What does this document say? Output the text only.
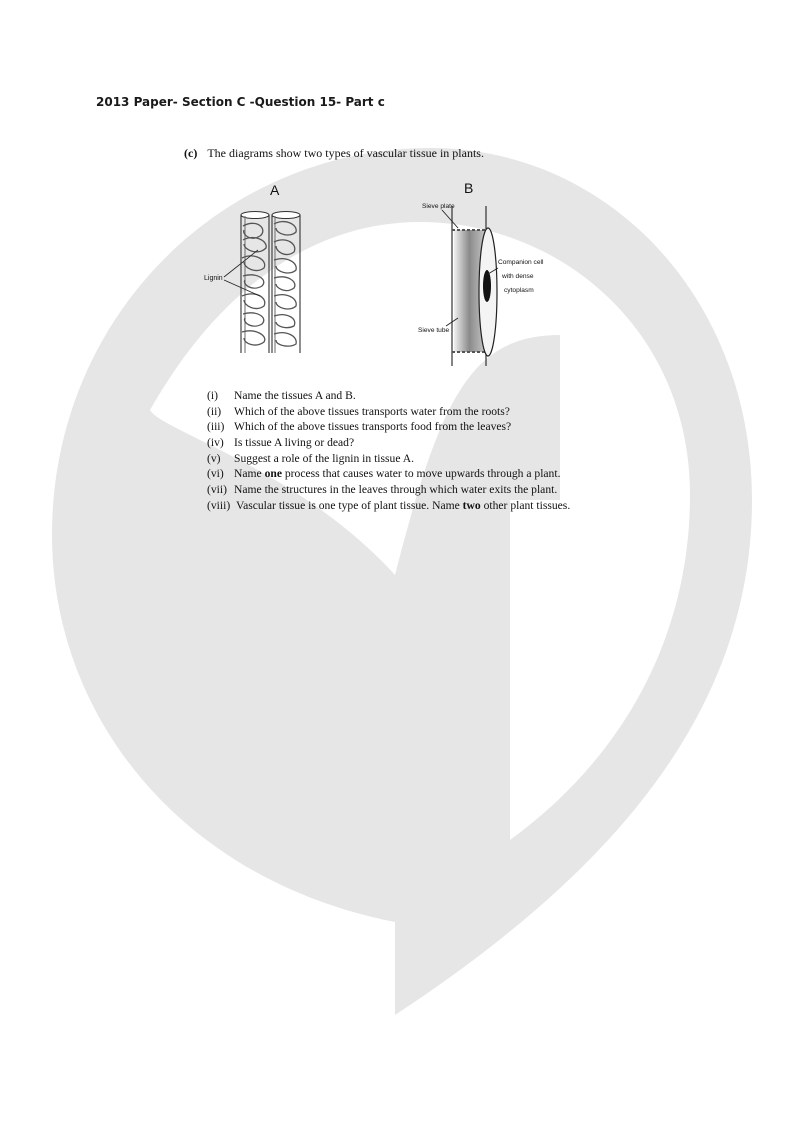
2013 Paper- Section C -Question 15- Part c
(c) The diagrams show two types of vascular tissue in plants.
A
Lignin
B
Sieve plate
Companion cell
with dense
cytoplasm
Sieve tube
(i)	Name the tissues A and B.
(ii)	Which of the above tissues transports water from the roots?
(iii) Which of the above tissues transports food from the leaves?
(iv) Is tissue A living or dead?
(v)	Suggest a role of the lignin in tissue A.
(vi) Name one process that causes water to move upwards through a plant.
(vii) Name the structures in the leaves through which water exits the plant.
(viii) Vascular tissue is one type of plant tissue. Name two other plant tissues.
